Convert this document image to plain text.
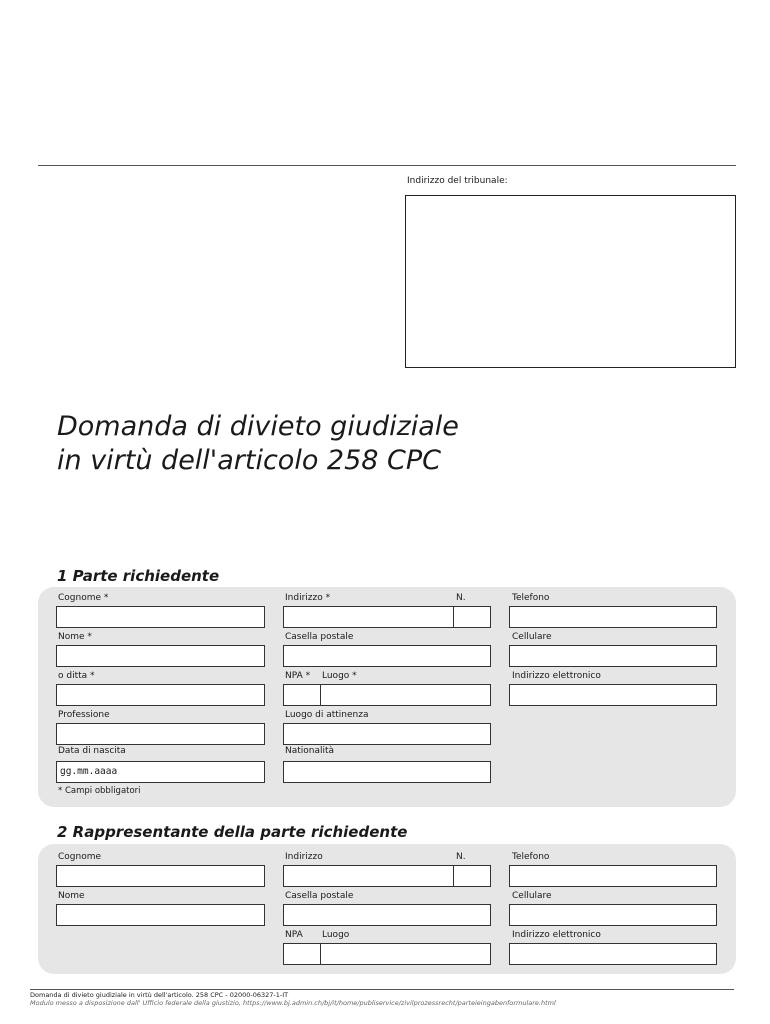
Indirizzo del tribunale:
Domanda di divieto giudiziale
in virtù dell'articolo 258 CPC
1 Parte richiedente
Cognome *
Nome *
o ditta *
Professione
Data di nascita
gg.mm.aaaa
* Campi obbligatori
Indirizzo *	N.
Casella postale
NPA * Luogo *
Luogo di attinenza
Nationalità
Telefono
Cellulare
Indirizzo elettronico
2 Rappresentante della parte richiedente
Cognome
Nome
Indirizzo	N.
Casella postale
NPA Luogo
Telefono
Cellulare
Indirizzo elettronico
Domanda di divieto giudiziale in virtù dell'articolo. 258 CPC - 02000-06327-1-IT
Modulo messo a disposizione dall' Ufficio federale della giustizio, https://www.bj.admin.ch/bj/it/home/publiservice/zivilprozessrecht/parteieingabenformulare.html
